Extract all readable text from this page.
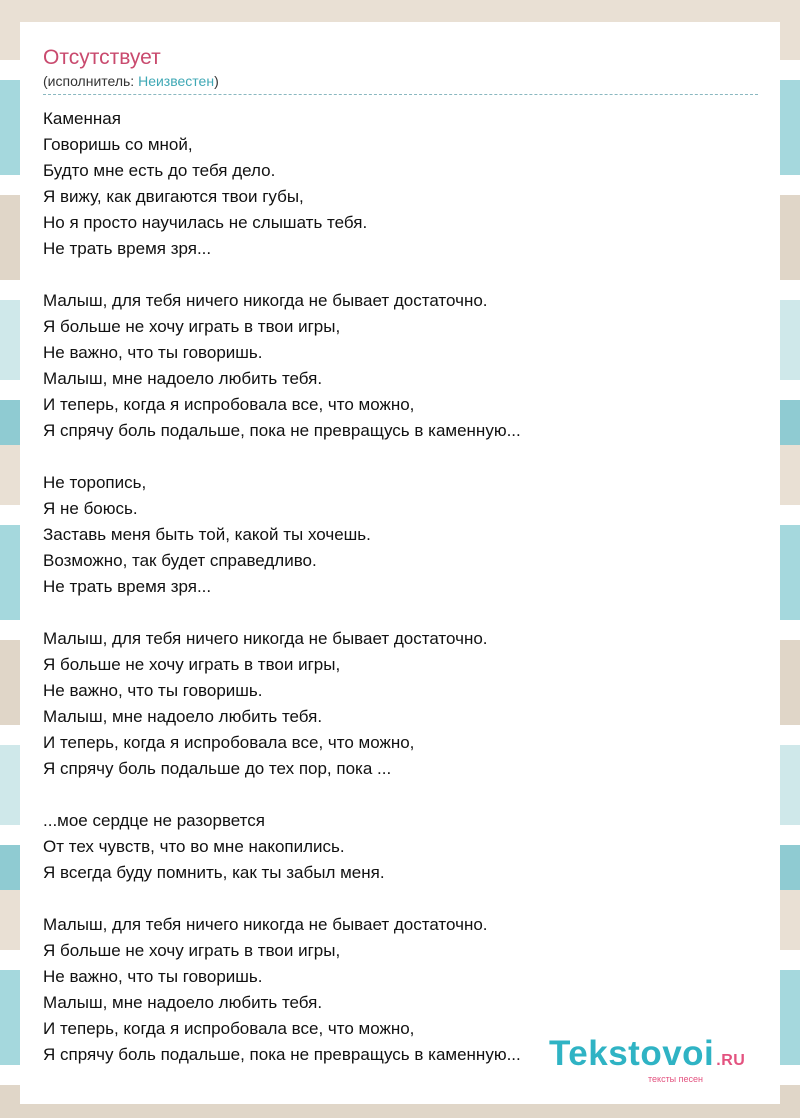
Отсутствует
(исполнитель: Неизвестен)
Каменная
Говоришь со мной,
Будто мне есть до тебя дело.
Я вижу, как двигаются твои губы,
Но я просто научилась не слышать тебя.
Не трать время зря...

Малыш, для тебя ничего никогда не бывает достаточно.
Я больше не хочу играть в твои игры,
Не важно, что ты говоришь.
Малыш, мне надоело любить тебя.
И теперь, когда я испробовала все, что можно,
Я спрячу боль подальше, пока не превращусь в каменную...

Не торопись,
Я не боюсь.
Заставь меня быть той, какой ты хочешь.
Возможно, так будет справедливо.
Не трать время зря...

Малыш, для тебя ничего никогда не бывает достаточно.
Я больше не хочу играть в твои игры,
Не важно, что ты говоришь.
Малыш, мне надоело любить тебя.
И теперь, когда я испробовала все, что можно,
Я спрячу боль подальше до тех пор, пока ...

...мое сердце не разорвется
От тех чувств, что во мне накопились.
Я всегда буду помнить, как ты забыл меня.

Малыш, для тебя ничего никогда не бывает достаточно.
Я больше не хочу играть в твои игры,
Не важно, что ты говоришь.
Малыш, мне надоело любить тебя.
И теперь, когда я испробовала все, что можно,
Я спрячу боль подальше, пока не превращусь в каменную... Tekstovoi .RU
тексты песен
